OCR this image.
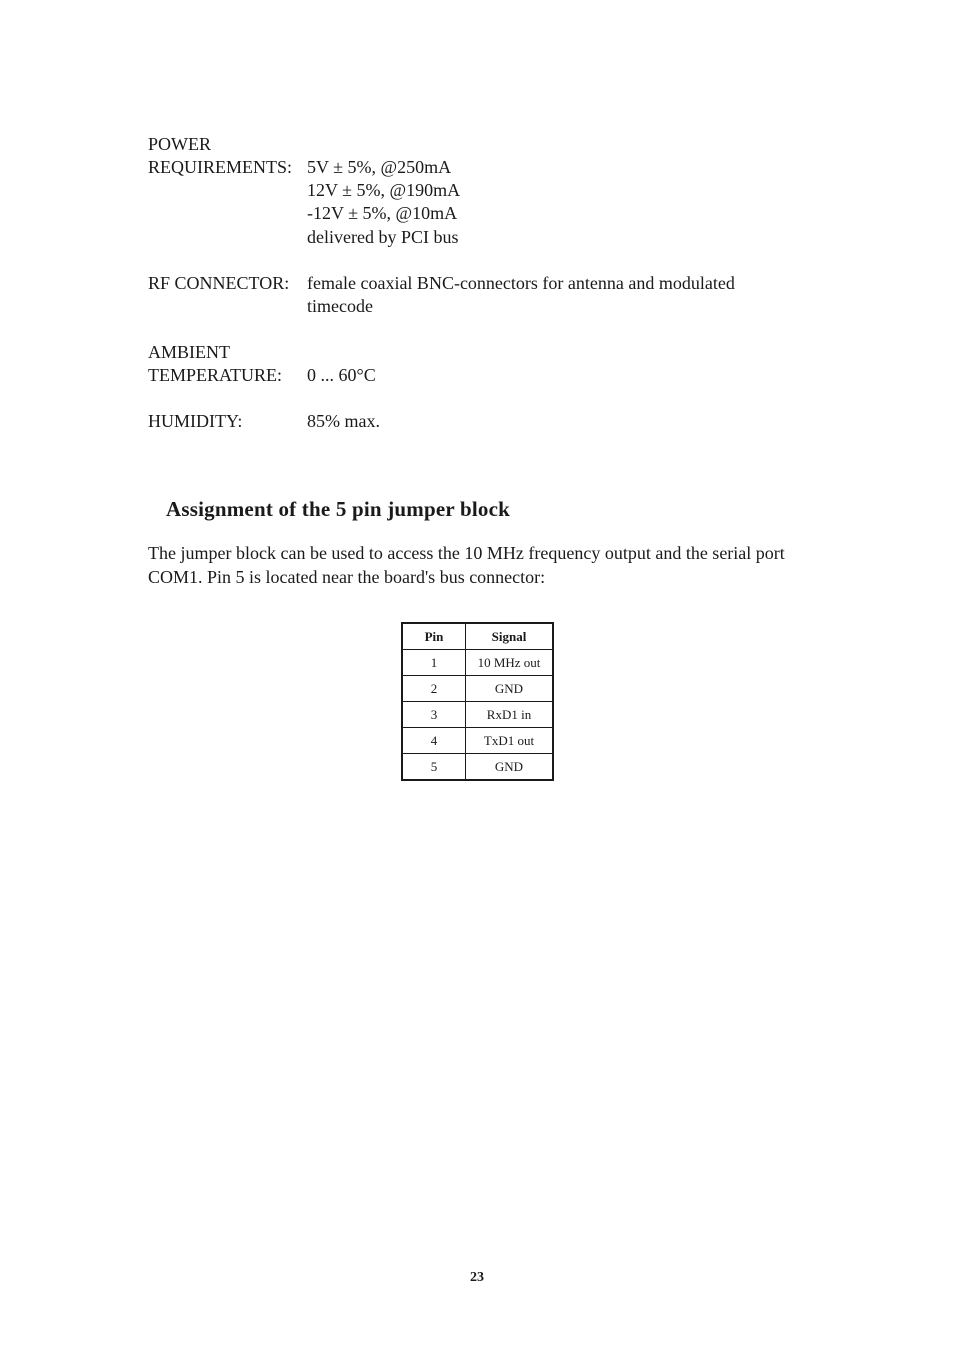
POWER
REQUIREMENTS: 5V ± 5%, @250mA
12V ± 5%, @190mA
-12V ± 5%, @10mA
delivered by PCI bus
RF CONNECTOR: female coaxial BNC-connectors for antenna and modulated
timecode
AMBIENT
TEMPERATURE: 0 ... 60°C
HUMIDITY:	85% max.
Assignment of the 5 pin jumper block
The jumper block can be used to access the 10 MHz frequency output and the serial port
COM1. Pin 5 is located near the board's bus connector:
Pin	Signal
1	10 MHz out
2	GND
3	RxD1 in
4	TxD1 out
5	GND
23
